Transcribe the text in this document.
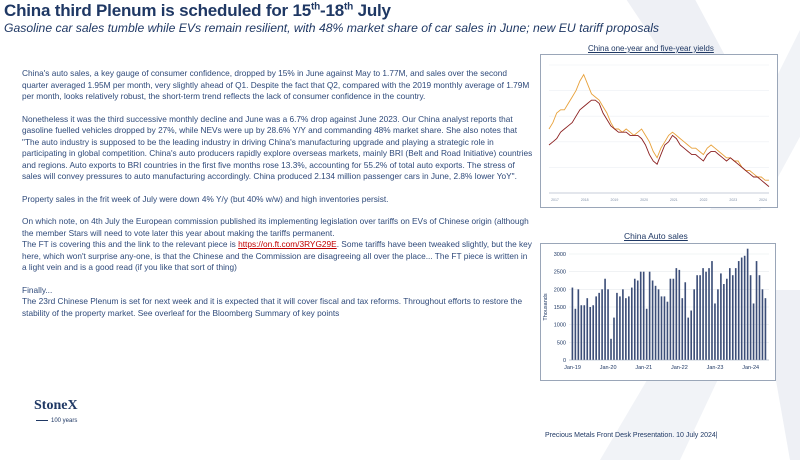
China third Plenum is scheduled for 15th-18th July
Gasoline car sales tumble while EVs remain resilient, with 48% market share of car sales in June; new EU tariff proposals

China's auto sales, a key gauge of consumer confidence, dropped by 15% in June against May to 1.77M, and sales over the second quarter averaged 1.95M per month, very slightly ahead of Q1. Despite the fact that Q2, compared with the 2019 monthly average of 1.79M per month, looks relatively robust, the short-term trend reflects the lack of consumer confidence in the country.

Nonetheless it was the third successive monthly decline and June was a 6.7% drop against June 2023. Our China analyst reports that gasoline fuelled vehicles dropped by 27%, while NEVs were up by 28.6% Y/Y and commanding 48% market share. She also notes that "The auto industry is supposed to be the leading industry in driving China's manufacturing upgrade and playing a strategic role in participating in global competition. China's auto producers rapidly explore overseas markets, mainly BRI (Belt and Road Initiative) countries and regions. Auto exports to BRI countries in the first five months rose 13.3%, accounting for 55.2% of total auto exports. The stress of sales will convey pressures to auto manufacturing accordingly. China produced 2.134 million passenger cars in June, 2.8% lower YoY".

Property sales in the frit week of July were down 4% Y/y (but 40% w/w) and high inventories persist.

On which note, on 4th July the European commission published its implementing legislation over tariffs on EVs of Chinese origin (although the member Stars will need to vote later this year about making the tariffs permanent.

The FT is covering this and the link to the relevant piece is https://on.ft.com/3RYG29E. Some tariffs have been tweaked slightly, but the key here, which won't surprise any-one, is that the Chinese and the Commission are disagreeing all over the place... The FT piece is written in a light vein and is a good read (if you like that sort of thing)

Finally...

The 23rd Chinese Plenum is set for next week and it is expected that it will cover fiscal and tax reforms. Throughout efforts to restore the stability of the property market. See overleaf for the Bloomberg Summary of key points

China one-year and five-year yields
2017	2018	2019	2020	2021	2022	2023	2024
China Auto sales
0
500
1000
1500
2000
2500
3000
Thousands
Jan-19	Jan-20	Jan-21	Jan-22	Jan-23	Jan-24
StoneX
100 years
Precious Metals Front Desk Presentation. 10 July 2024|
